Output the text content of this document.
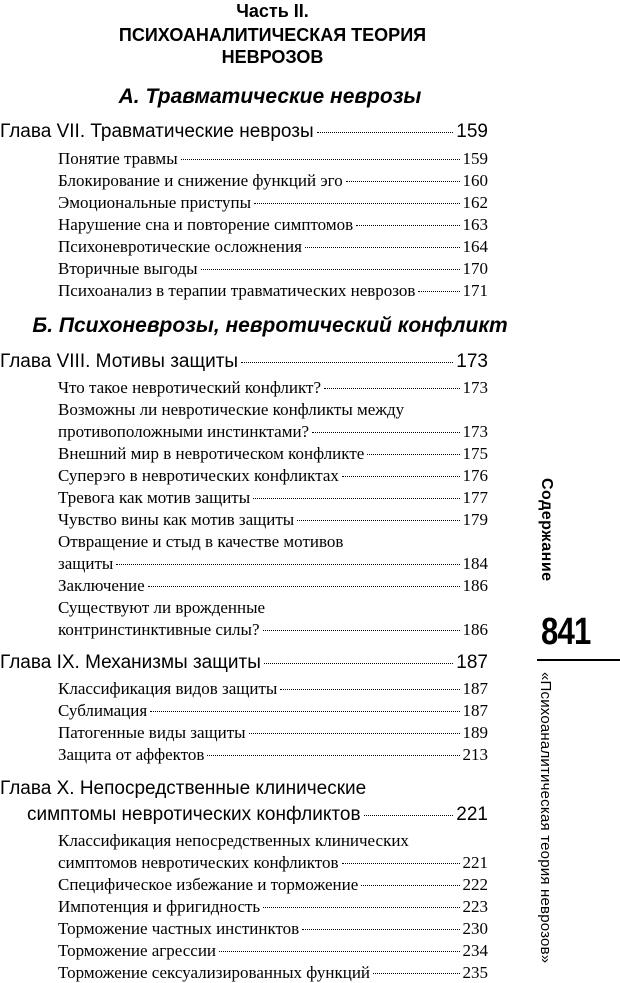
Часть II.
ПСИХОАНАЛИТИЧЕСКАЯ ТЕОРИЯ
НЕВРОЗОВ
А. Травматические неврозы
Глава VII. Травматические неврозы	159
Понятие травмы	159
Блокирование и снижение функций эго	160
Эмоциональные приступы	162
Нарушение сна и повторение симптомов	163
Психоневротические осложнения	164
Вторичные выгоды	170
Психоанализ в терапии травматических неврозов	171
Б. Психоневрозы, невротический конфликт
Глава VIII. Мотивы защиты	173
Что такое невротический конфликт?	173
Возможны ли невротические конфликты между
противоположными инстинктами?	173
Внешний мир в невротическом конфликте	175
Суперэго в невротических конфликтах	176
Тревога как мотив защиты	177
Чувство вины как мотив защиты	179
Отвращение и стыд в качестве мотивов
защиты	184
Заключение	186
Существуют ли врожденные
контринстинктивные силы?	186
Глава IX. Механизмы защиты	187
Классификация видов защиты	187
Сублимация	187
Патогенные виды защиты	189
Защита от аффектов	213
Глава X. Непосредственные клинические
симптомы невротических конфликтов	221
Классификация непосредственных клинических
симптомов невротических конфликтов	221
Специфическое избежание и торможение	222
Импотенция и фригидность	223
Торможение частных инстинктов	230
Торможение агрессии	234
Торможение сексуализированных функций	235
Содержание
841
«Психоаналитическая теория неврозов»
